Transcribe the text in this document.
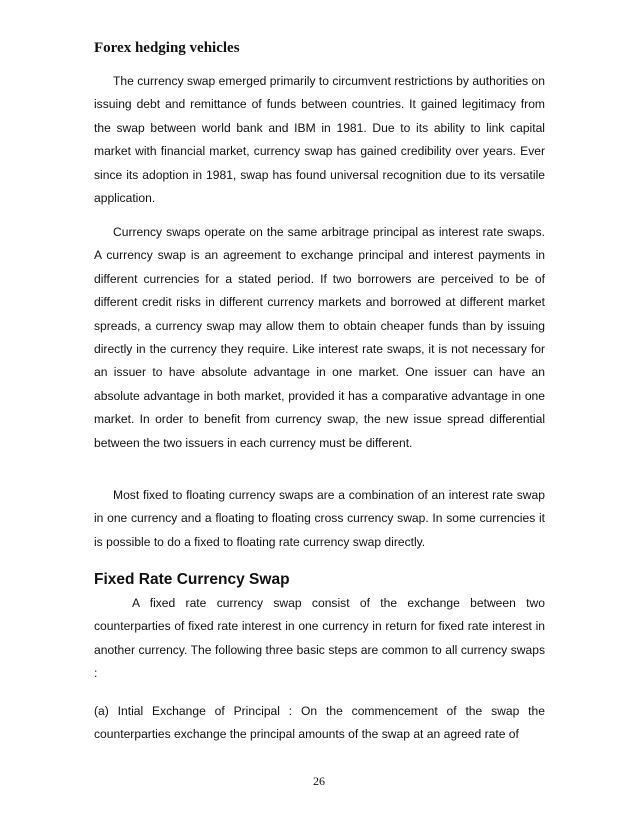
Forex hedging vehicles

The currency swap emerged primarily to circumvent restrictions by authorities on issuing debt and remittance of funds between countries. It gained legitimacy from the swap between world bank and IBM in 1981. Due to its ability to link capital market with financial market, currency swap has gained credibility over years. Ever since its adoption in 1981, swap has found universal recognition due to its versatile application.

Currency swaps operate on the same arbitrage principal as interest rate swaps. A currency swap is an agreement to exchange principal and interest payments in different currencies for a stated period. If two borrowers are perceived to be of different credit risks in different currency markets and borrowed at different market spreads, a currency swap may allow them to obtain cheaper funds than by issuing directly in the currency they require. Like interest rate swaps, it is not necessary for an issuer to have absolute advantage in one market. One issuer can have an absolute advantage in both market, provided it has a comparative advantage in one market. In order to benefit from currency swap, the new issue spread differential between the two issuers in each currency must be different.

Most fixed to floating currency swaps are a combination of an interest rate swap in one currency and a floating to floating cross currency swap. In some currencies it is possible to do a fixed to floating rate currency swap directly.

Fixed Rate Currency Swap

A fixed rate currency swap consist of the exchange between two counterparties of fixed rate interest in one currency in return for fixed rate interest in another currency. The following three basic steps are common to all currency swaps :

(a) Intial Exchange of Principal : On the commencement of the swap the counterparties exchange the principal amounts of the swap at an agreed rate of

26
